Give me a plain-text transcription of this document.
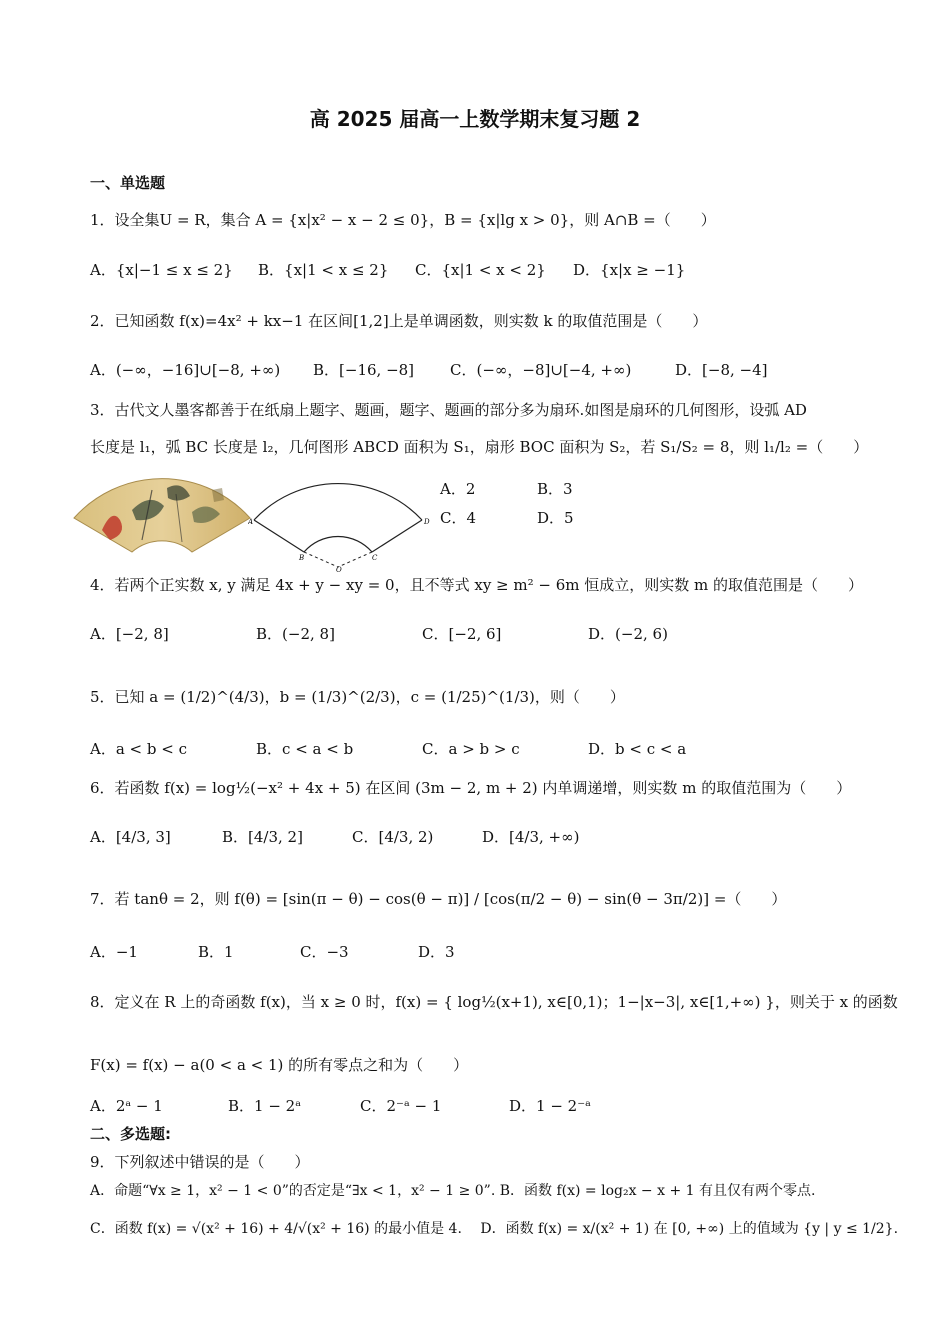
高 2025 届高一上数学期末复习题 2
一、单选题
1．设全集U = R，集合 A = {x|x² − x − 2 ≤ 0}，B = {x|lg x > 0}，则 A∩B =（　　）
A．{x|−1 ≤ x ≤ 2} B．{x|1 < x ≤ 2} C．{x|1 < x < 2} D．{x|x ≥ −1}
2．已知函数 f(x)=4x² + kx−1 在区间[1,2]上是单调函数，则实数 k 的取值范围是（　　）
A．(−∞，−16]∪[−8, +∞) B．[−16, −8] C．(−∞，−8]∪[−4, +∞)	D．[−8, −4]
3．古代文人墨客都善于在纸扇上题字、题画，题字、题画的部分多为扇环.如图是扇环的几何图形，设弧 AD
长度是 l₁，弧 BC 长度是 l₂，几何图形 ABCD 面积为 S₁，扇形 BOC 面积为 S₂，若 S₁/S₂ = 8，则 l₁/l₂ =（　　）
A	D
B	C
O
A．2	B．3
C．4	D．5
4．若两个正实数 x, y 满足 4x + y − xy = 0，且不等式 xy ≥ m² − 6m 恒成立，则实数 m 的取值范围是（　　）
A．[−2, 8]	B．(−2, 8]	C．[−2, 6]	D．(−2, 6)
5．已知 a = (1/2)^(4/3)，b = (1/3)^(2/3)，c = (1/25)^(1/3)，则（　　）
A．a < b < c	B．c < a < b	C．a > b > c	D．b < c < a
6．若函数 f(x) = log½(−x² + 4x + 5) 在区间 (3m − 2, m + 2) 内单调递增，则实数 m 的取值范围为（　　）
A．[4/3, 3]	B．[4/3, 2]	C．[4/3, 2)	D．[4/3, +∞)
7．若 tanθ = 2，则 f(θ) = [sin(π − θ) − cos(θ − π)] / [cos(π/2 − θ) − sin(θ − 3π/2)] =（　　）
A．−1	B．1	C．−3	D．3
8．定义在 R 上的奇函数 f(x)，当 x ≥ 0 时，f(x) = { log½(x+1), x∈[0,1)；1−|x−3|, x∈[1,+∞) }，则关于 x 的函数
F(x) = f(x) − a(0 < a < 1) 的所有零点之和为（　　）
A．2ᵃ − 1	B．1 − 2ᵃ	C．2⁻ᵃ − 1	D．1 − 2⁻ᵃ
二、多选题:
9．下列叙述中错误的是（　　）
A．命题“∀x ≥ 1，x² − 1 < 0”的否定是“∃x < 1，x² − 1 ≥ 0”. B．函数 f(x) = log₂x − x + 1 有且仅有两个零点.
C．函数 f(x) = √(x² + 16) + 4/√(x² + 16) 的最小值是 4.　 D．函数 f(x) = x/(x² + 1) 在 [0, +∞) 上的值域为 {y | y ≤ 1/2}.
